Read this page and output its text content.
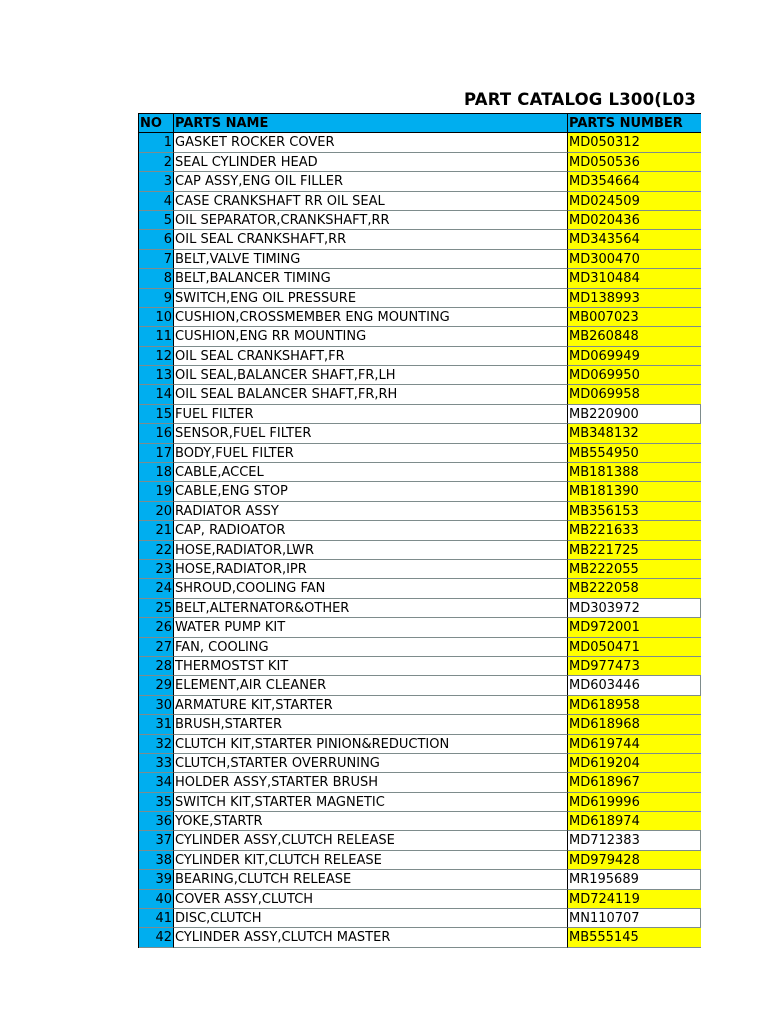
PART CATALOG L300(L03
NO	PARTS NAME	PARTS NUMBER
1 GASKET ROCKER COVER	MD050312
2 SEAL CYLINDER HEAD	MD050536
3 CAP ASSY,ENG OIL FILLER	MD354664
4 CASE CRANKSHAFT RR OIL SEAL	MD024509
5 OIL SEPARATOR,CRANKSHAFT,RR	MD020436
6 OIL SEAL CRANKSHAFT,RR	MD343564
7 BELT,VALVE TIMING	MD300470
8 BELT,BALANCER TIMING	MD310484
9 SWITCH,ENG OIL PRESSURE	MD138993
10 CUSHION,CROSSMEMBER ENG MOUNTING	MB007023
11 CUSHION,ENG RR MOUNTING	MB260848
12 OIL SEAL CRANKSHAFT,FR	MD069949
13 OIL SEAL,BALANCER SHAFT,FR,LH	MD069950
14 OIL SEAL BALANCER SHAFT,FR,RH	MD069958
15 FUEL FILTER	MB220900
16 SENSOR,FUEL FILTER	MB348132
17 BODY,FUEL FILTER	MB554950
18 CABLE,ACCEL	MB181388
19 CABLE,ENG STOP	MB181390
20 RADIATOR ASSY	MB356153
21 CAP, RADIOATOR	MB221633
22 HOSE,RADIATOR,LWR	MB221725
23 HOSE,RADIATOR,IPR	MB222055
24 SHROUD,COOLING FAN	MB222058
25 BELT,ALTERNATOR&OTHER	MD303972
26 WATER PUMP KIT	MD972001
27 FAN, COOLING	MD050471
28 THERMOSTST KIT	MD977473
29 ELEMENT,AIR CLEANER	MD603446
30 ARMATURE KIT,STARTER	MD618958
31 BRUSH,STARTER	MD618968
32 CLUTCH KIT,STARTER PINION&REDUCTION	MD619744
33 CLUTCH,STARTER OVERRUNING	MD619204
34 HOLDER ASSY,STARTER BRUSH	MD618967
35 SWITCH KIT,STARTER MAGNETIC	MD619996
36 YOKE,STARTR	MD618974
37 CYLINDER ASSY,CLUTCH RELEASE	MD712383
38 CYLINDER KIT,CLUTCH RELEASE	MD979428
39 BEARING,CLUTCH RELEASE	MR195689
40 COVER ASSY,CLUTCH	MD724119
41 DISC,CLUTCH	MN110707
42 CYLINDER ASSY,CLUTCH MASTER	MB555145
